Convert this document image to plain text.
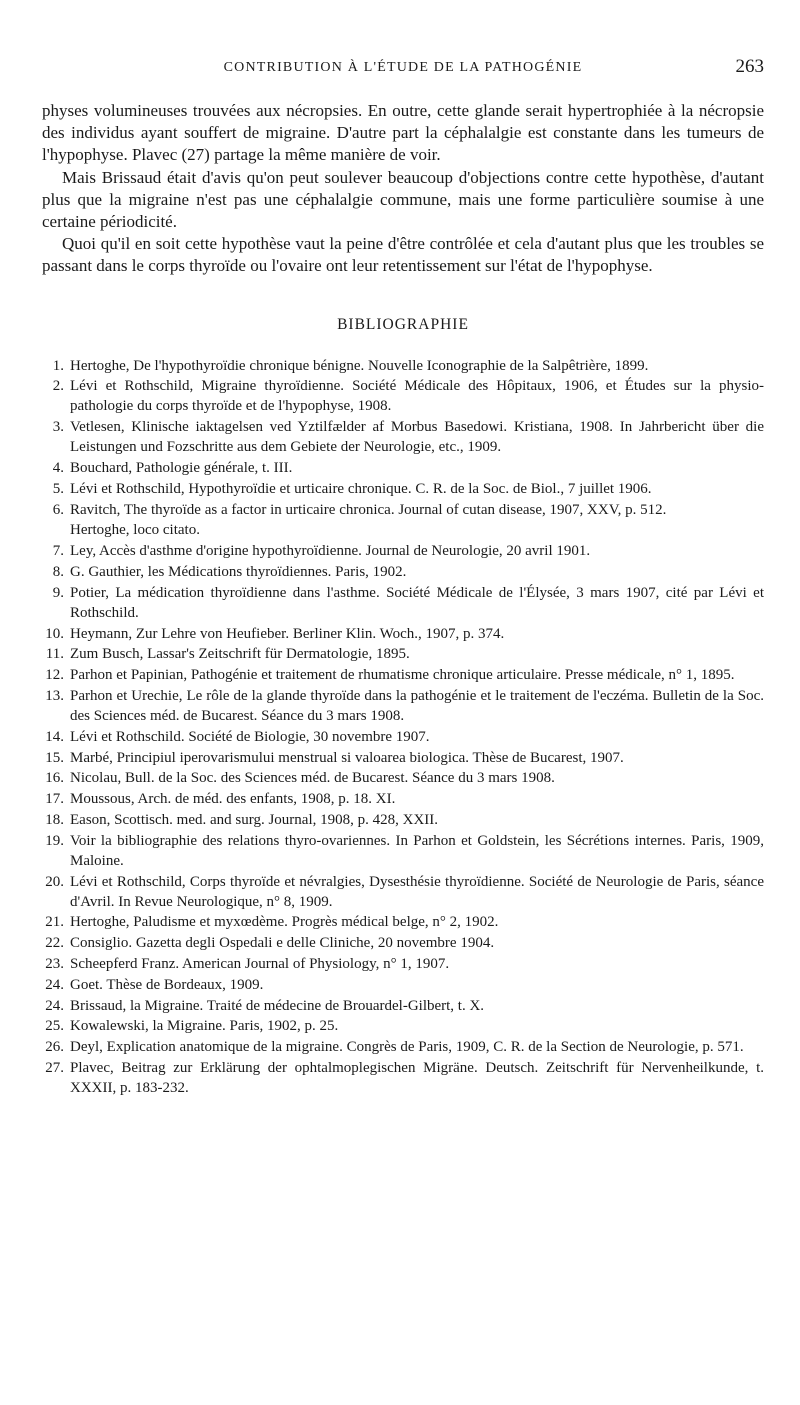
CONTRIBUTION À L'ÉTUDE DE LA PATHOGÉNIE	263

physes volumineuses trouvées aux nécropsies. En outre, cette glande serait hypertrophiée à la nécropsie des individus ayant souffert de migraine. D'autre part la céphalalgie est constante dans les tumeurs de l'hypophyse. Plavec (27) partage la même manière de voir.

Mais Brissaud était d'avis qu'on peut soulever beaucoup d'objections contre cette hypothèse, d'autant plus que la migraine n'est pas une céphalalgie commune, mais une forme particulière soumise à une certaine périodicité.

Quoi qu'il en soit cette hypothèse vaut la peine d'être contrôlée et cela d'autant plus que les troubles se passant dans le corps thyroïde ou l'ovaire ont leur retentissement sur l'état de l'hypophyse.

BIBLIOGRAPHIE
1. Hertoghe, De l'hypothyroïdie chronique bénigne. Nouvelle Iconographie de la Salpêtrière, 1899.
2. Lévi et Rothschild, Migraine thyroïdienne. Société Médicale des Hôpitaux, 1906, et Études sur la physio-pathologie du corps thyroïde et de l'hypophyse, 1908.
3. Vetlesen, Klinische iaktagelsen ved Yztilfælder af Morbus Basedowi. Kristiana, 1908. In Jahrbericht über die Leistungen und Fozschritte aus dem Gebiete der Neurologie, etc., 1909.
4. Bouchard, Pathologie générale, t. III.
5. Lévi et Rothschild, Hypothyroïdie et urticaire chronique. C. R. de la Soc. de Biol., 7 juillet 1906.
6. Ravitch, The thyroïde as a factor in urticaire chronica. Journal of cutan disease, 1907, XXV, p. 512.
Hertoghe, loco citato.
7. Ley, Accès d'asthme d'origine hypothyroïdienne. Journal de Neurologie, 20 avril 1901.
8. G. Gauthier, les Médications thyroïdiennes. Paris, 1902.
9. Potier, La médication thyroïdienne dans l'asthme. Société Médicale de l'Élysée, 3 mars 1907, cité par Lévi et Rothschild.
10. Heymann, Zur Lehre von Heufieber. Berliner Klin. Woch., 1907, p. 374.
11. Zum Busch, Lassar's Zeitschrift für Dermatologie, 1895.
12. Parhon et Papinian, Pathogénie et traitement de rhumatisme chronique articulaire. Presse médicale, n° 1, 1895.
13. Parhon et Urechie, Le rôle de la glande thyroïde dans la pathogénie et le traitement de l'eczéma. Bulletin de la Soc. des Sciences méd. de Bucarest. Séance du 3 mars 1908.
14. Lévi et Rothschild. Société de Biologie, 30 novembre 1907.
15. Marbé, Principiul iperovarismului menstrual si valoarea biologica. Thèse de Bucarest, 1907.
16. Nicolau, Bull. de la Soc. des Sciences méd. de Bucarest. Séance du 3 mars 1908.
17. Moussous, Arch. de méd. des enfants, 1908, p. 18. XI.
18. Eason, Scottisch. med. and surg. Journal, 1908, p. 428, XXII.
19. Voir la bibliographie des relations thyro-ovariennes. In Parhon et Goldstein, les Sécrétions internes. Paris, 1909, Maloine.
20. Lévi et Rothschild, Corps thyroïde et névralgies, Dysesthésie thyroïdienne. Société de Neurologie de Paris, séance d'Avril. In Revue Neurologique, n° 8, 1909.
21. Hertoghe, Paludisme et myxœdème. Progrès médical belge, n° 2, 1902.
22. Consiglio. Gazetta degli Ospedali e delle Cliniche, 20 novembre 1904.
23. Scheepferd Franz. American Journal of Physiology, n° 1, 1907.
24. Goet. Thèse de Bordeaux, 1909.
24. Brissaud, la Migraine. Traité de médecine de Brouardel-Gilbert, t. X.
25. Kowalewski, la Migraine. Paris, 1902, p. 25.
26. Deyl, Explication anatomique de la migraine. Congrès de Paris, 1909, C. R. de la Section de Neurologie, p. 571.
27. Plavec, Beitrag zur Erklärung der ophtalmoplegischen Migräne. Deutsch. Zeitschrift für Nervenheilkunde, t. XXXII, p. 183-232.
